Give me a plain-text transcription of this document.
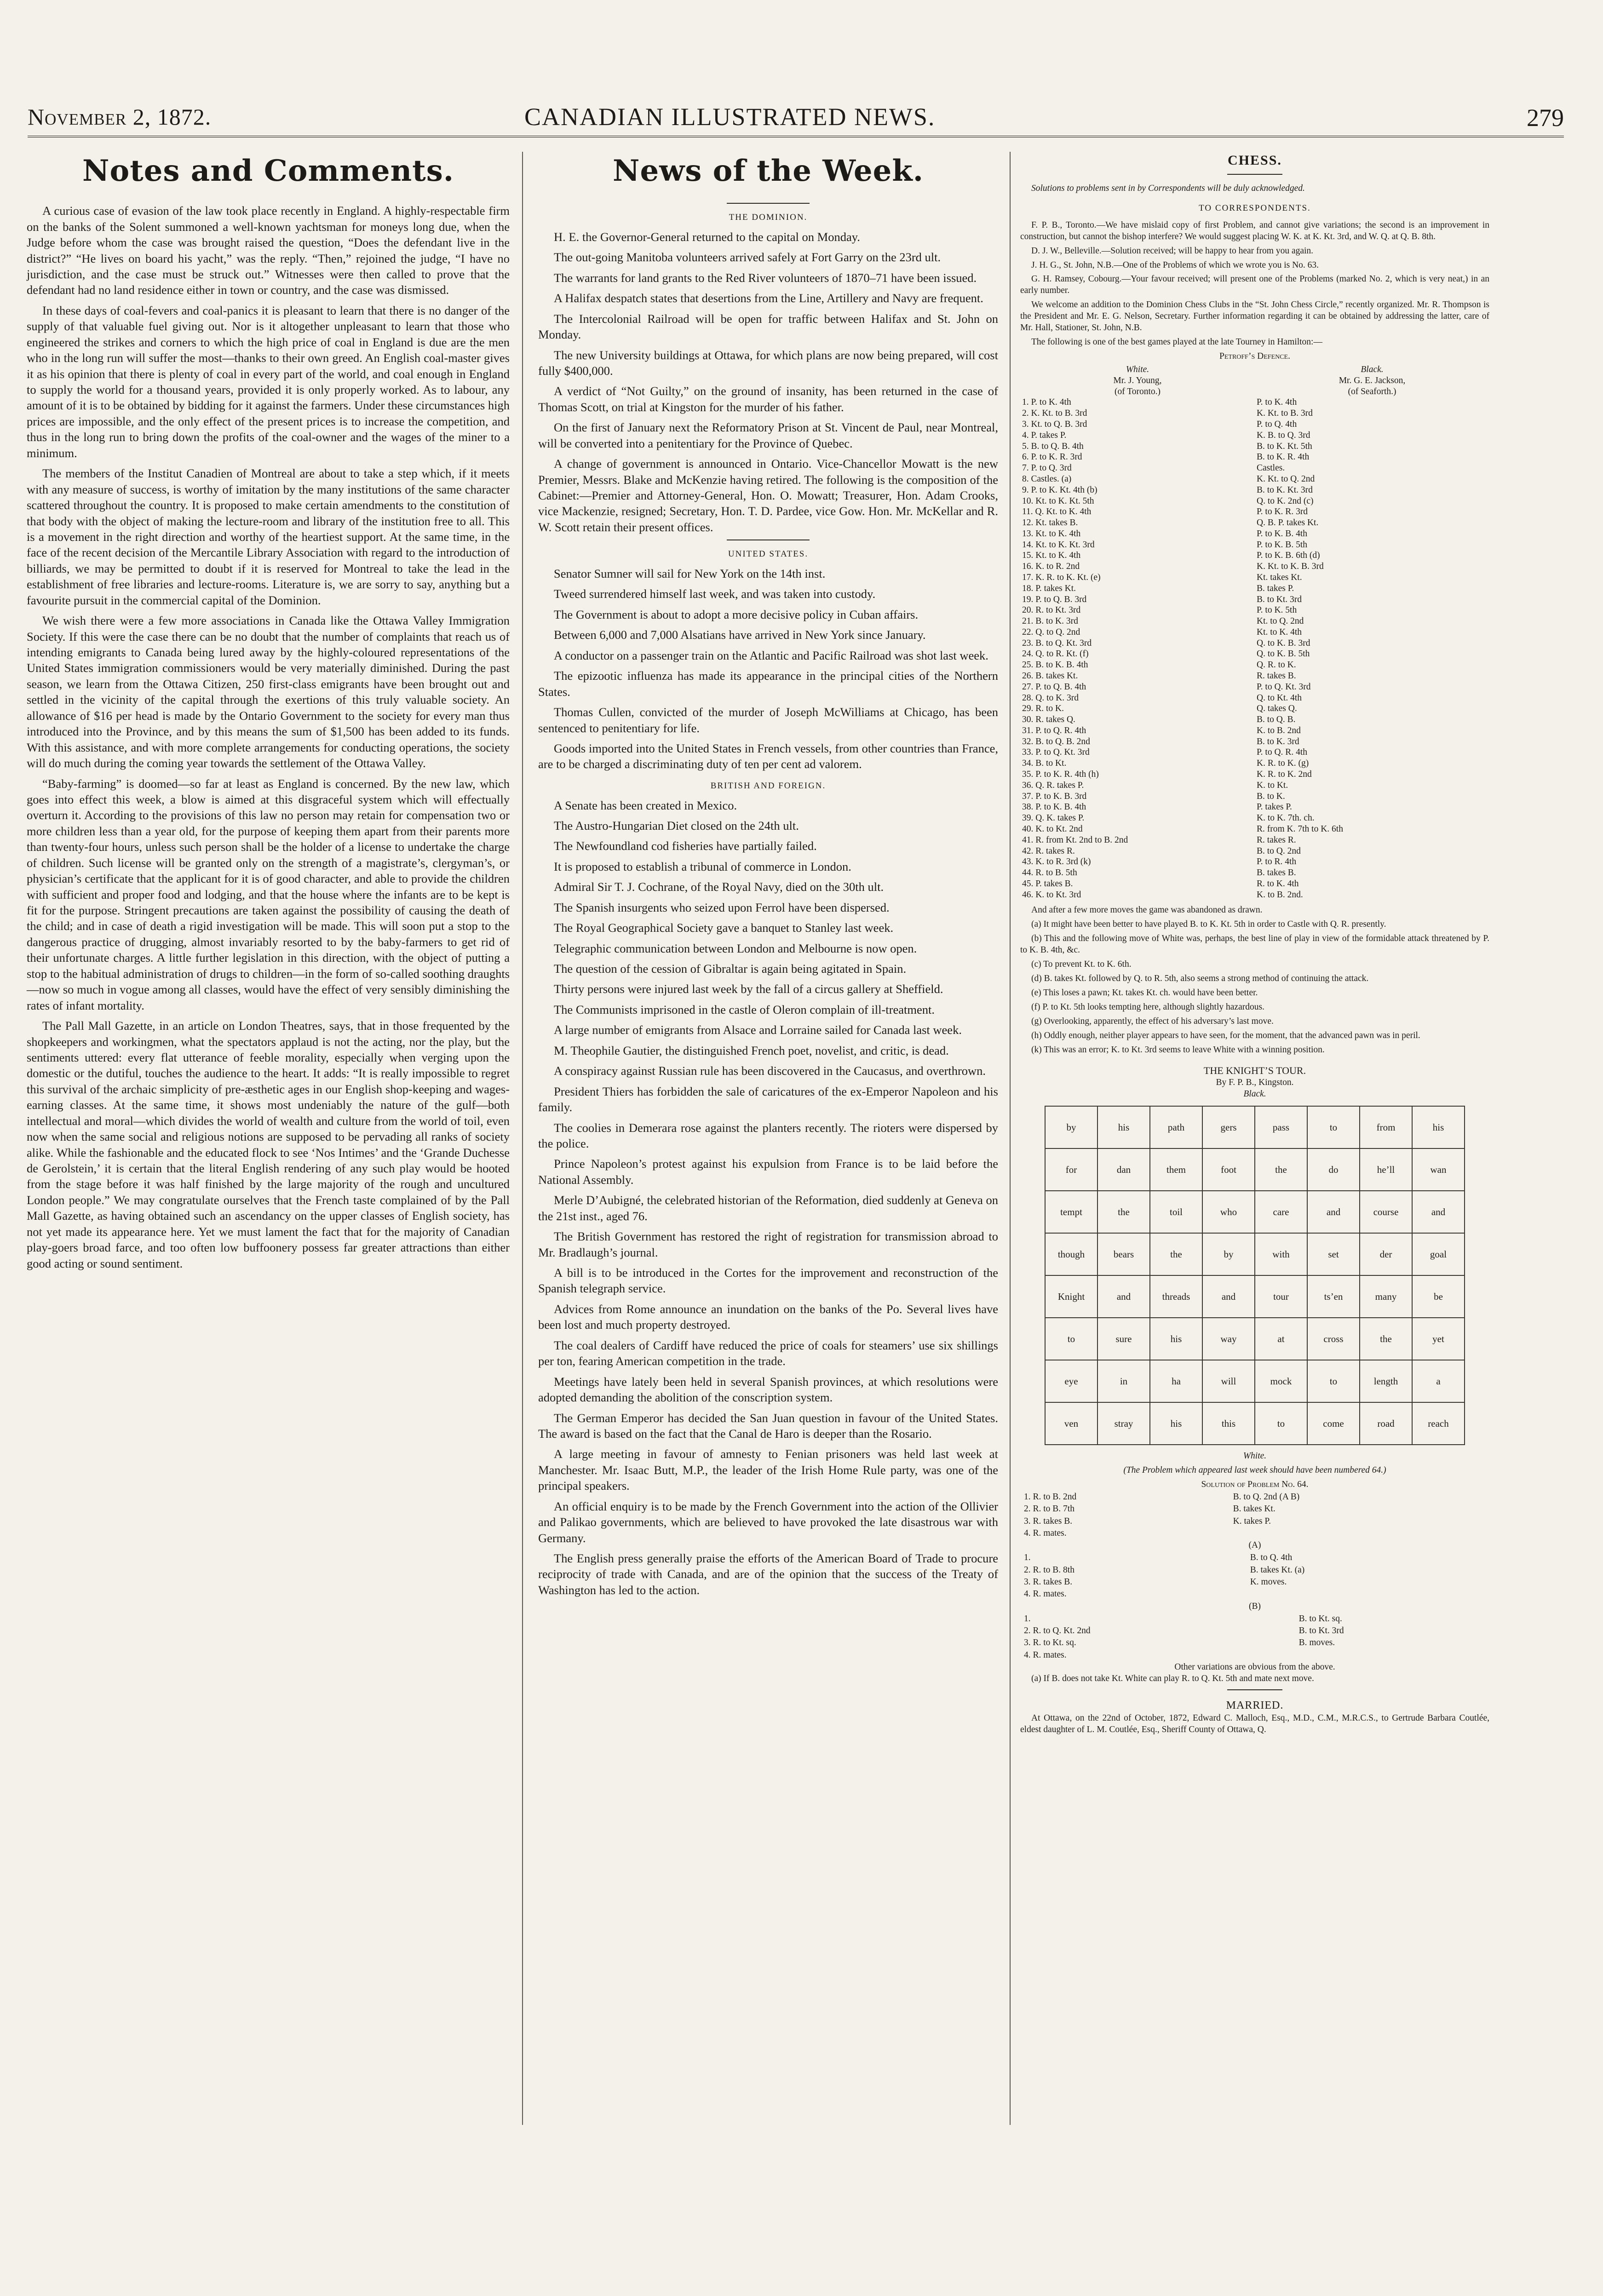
November 2, 1872.	CANADIAN ILLUSTRATED NEWS.	279
Notes and Comments.

A curious case of evasion of the law took place recently in England. A highly-respectable firm on the banks of the Solent summoned a well-known yachtsman for moneys long due, when the Judge before whom the case was brought raised the question, “Does the defendant live in the district?” “He lives on board his yacht,” was the reply. “Then,” rejoined the judge, “I have no jurisdiction, and the case must be struck out.” Witnesses were then called to prove that the defendant had no land residence either in town or country, and the case was dismissed.

In these days of coal-fevers and coal-panics it is pleasant to learn that there is no danger of the supply of that valuable fuel giving out. Nor is it altogether unpleasant to learn that those who engineered the strikes and corners to which the high price of coal in England is due are the men who in the long run will suffer the most—thanks to their own greed. An English coal-master gives it as his opinion that there is plenty of coal in every part of the world, and coal enough in England to supply the world for a thousand years, provided it is only properly worked. As to labour, any amount of it is to be obtained by bidding for it against the farmers. Under these circumstances high prices are impossible, and the only effect of the present prices is to increase the competition, and thus in the long run to bring down the profits of the coal-owner and the wages of the miner to a minimum.

The members of the Institut Canadien of Montreal are about to take a step which, if it meets with any measure of success, is worthy of imitation by the many institutions of the same character scattered throughout the country. It is proposed to make certain amendments to the constitution of that body with the object of making the lecture-room and library of the institution free to all. This is a movement in the right direction and worthy of the heartiest support. At the same time, in the face of the recent decision of the Mercantile Library Association with regard to the introduction of billiards, we may be permitted to doubt if it is reserved for Montreal to take the lead in the establishment of free libraries and lecture-rooms. Literature is, we are sorry to say, anything but a favourite pursuit in the commercial capital of the Dominion.

We wish there were a few more associations in Canada like the Ottawa Valley Immigration Society. If this were the case there can be no doubt that the number of complaints that reach us of intending emigrants to Canada being lured away by the highly-coloured representations of the United States immigration commissioners would be very materially diminished. During the past season, we learn from the Ottawa Citizen, 250 first-class emigrants have been brought out and settled in the vicinity of the capital through the exertions of this truly valuable society. An allowance of $16 per head is made by the Ontario Government to the society for every man thus introduced into the Province, and by this means the sum of $1,500 has been added to its funds. With this assistance, and with more complete arrangements for conducting operations, the society will do much during the coming year towards the settlement of the Ottawa Valley.

“Baby-farming” is doomed—so far at least as England is concerned. By the new law, which goes into effect this week, a blow is aimed at this disgraceful system which will effectually overturn it. According to the provisions of this law no person may retain for compensation two or more children less than a year old, for the purpose of keeping them apart from their parents more than twenty-four hours, unless such person shall be the holder of a license to undertake the charge of children. Such license will be granted only on the strength of a magistrate’s, clergyman’s, or physician’s certificate that the applicant for it is of good character, and able to provide the children with sufficient and proper food and lodging, and that the house where the infants are to be kept is fit for the purpose. Stringent precautions are taken against the possibility of causing the death of the child; and in case of death a rigid investigation will be made. This will soon put a stop to the dangerous practice of drugging, almost invariably resorted to by the baby-farmers to get rid of their unfortunate charges. A little further legislation in this direction, with the object of putting a stop to the habitual administration of drugs to children—in the form of so-called soothing draughts—now so much in vogue among all classes, would have the effect of very sensibly diminishing the rates of infant mortality.

The Pall Mall Gazette, in an article on London Theatres, says, that in those frequented by the shopkeepers and workingmen, what the spectators applaud is not the acting, nor the play, but the sentiments uttered: every flat utterance of feeble morality, especially when verging upon the domestic or the dutiful, touches the audience to the heart. It adds: “It is really impossible to regret this survival of the archaic simplicity of pre-æsthetic ages in our English shop-keeping and wages-earning classes. At the same time, it shows most undeniably the nature of the gulf—both intellectual and moral—which divides the world of wealth and culture from the world of toil, even now when the same social and religious notions are supposed to be pervading all ranks of society alike. While the fashionable and the educated flock to see ‘Nos Intimes’ and the ‘Grande Duchesse de Gerolstein,’ it is certain that the literal English rendering of any such play would be hooted from the stage before it was half finished by the large majority of the rough and uncultured London people.” We may congratulate ourselves that the French taste complained of by the Pall Mall Gazette, as having obtained such an ascendancy on the upper classes of English society, has not yet made its appearance here. Yet we must lament the fact that for the majority of Canadian play-goers broad farce, and too often low buffoonery possess far greater attractions than either good acting or sound sentiment.

News of the Week.
THE DOMINION.

H. E. the Governor-General returned to the capital on Monday.

The out-going Manitoba volunteers arrived safely at Fort Garry on the 23rd ult.

The warrants for land grants to the Red River volunteers of 1870–71 have been issued.

A Halifax despatch states that desertions from the Line, Artillery and Navy are frequent.

The Intercolonial Railroad will be open for traffic between Halifax and St. John on Monday.

The new University buildings at Ottawa, for which plans are now being prepared, will cost fully $400,000.

A verdict of “Not Guilty,” on the ground of insanity, has been returned in the case of Thomas Scott, on trial at Kingston for the murder of his father.

On the first of January next the Reformatory Prison at St. Vincent de Paul, near Montreal, will be converted into a penitentiary for the Province of Quebec.

A change of government is announced in Ontario. Vice-Chancellor Mowatt is the new Premier, Messrs. Blake and McKenzie having retired. The following is the composition of the Cabinet:—Premier and Attorney-General, Hon. O. Mowatt; Treasurer, Hon. Adam Crooks, vice Mackenzie, resigned; Secretary, Hon. T. D. Pardee, vice Gow. Hon. Mr. McKellar and R. W. Scott retain their present offices.

UNITED STATES.

Senator Sumner will sail for New York on the 14th inst.

Tweed surrendered himself last week, and was taken into custody.

The Government is about to adopt a more decisive policy in Cuban affairs.

Between 6,000 and 7,000 Alsatians have arrived in New York since January.

A conductor on a passenger train on the Atlantic and Pacific Railroad was shot last week.

The epizootic influenza has made its appearance in the principal cities of the Northern States.

Thomas Cullen, convicted of the murder of Joseph McWilliams at Chicago, has been sentenced to penitentiary for life.

Goods imported into the United States in French vessels, from other countries than France, are to be charged a discriminating duty of ten per cent ad valorem.

BRITISH AND FOREIGN.

A Senate has been created in Mexico.

The Austro-Hungarian Diet closed on the 24th ult.

The Newfoundland cod fisheries have partially failed.

It is proposed to establish a tribunal of commerce in London.

Admiral Sir T. J. Cochrane, of the Royal Navy, died on the 30th ult.

The Spanish insurgents who seized upon Ferrol have been dispersed.

The Royal Geographical Society gave a banquet to Stanley last week.

Telegraphic communication between London and Melbourne is now open.

The question of the cession of Gibraltar is again being agitated in Spain.

Thirty persons were injured last week by the fall of a circus gallery at Sheffield.

The Communists imprisoned in the castle of Oleron complain of ill-treatment.

A large number of emigrants from Alsace and Lorraine sailed for Canada last week.

M. Theophile Gautier, the distinguished French poet, novelist, and critic, is dead.

A conspiracy against Russian rule has been discovered in the Caucasus, and overthrown.

President Thiers has forbidden the sale of caricatures of the ex-Emperor Napoleon and his family.

The coolies in Demerara rose against the planters recently. The rioters were dispersed by the police.

Prince Napoleon’s protest against his expulsion from France is to be laid before the National Assembly.

Merle D’Aubigné, the celebrated historian of the Reformation, died suddenly at Geneva on the 21st inst., aged 76.

The British Government has restored the right of registration for transmission abroad to Mr. Bradlaugh’s journal.

A bill is to be introduced in the Cortes for the improvement and reconstruction of the Spanish telegraph service.

Advices from Rome announce an inundation on the banks of the Po. Several lives have been lost and much property destroyed.

The coal dealers of Cardiff have reduced the price of coals for steamers’ use six shillings per ton, fearing American competition in the trade.

Meetings have lately been held in several Spanish provinces, at which resolutions were adopted demanding the abolition of the conscription system.

The German Emperor has decided the San Juan question in favour of the United States. The award is based on the fact that the Canal de Haro is deeper than the Rosario.

A large meeting in favour of amnesty to Fenian prisoners was held last week at Manchester. Mr. Isaac Butt, M.P., the leader of the Irish Home Rule party, was one of the principal speakers.

An official enquiry is to be made by the French Government into the action of the Ollivier and Palikao governments, which are believed to have provoked the late disastrous war with Germany.

The English press generally praise the efforts of the American Board of Trade to procure reciprocity of trade with Canada, and are of the opinion that the success of the Treaty of Washington has led to the action.

CHESS.

Solutions to problems sent in by Correspondents will be duly acknowledged.

TO CORRESPONDENTS.

F. P. B., Toronto.—We have mislaid copy of first Problem, and cannot give variations; the second is an improvement in construction, but cannot the bishop interfere? We would suggest placing W. K. at K. Kt. 3rd, and W. Q. at Q. B. 8th.

D. J. W., Belleville.—Solution received; will be happy to hear from you again.

J. H. G., St. John, N.B.—One of the Problems of which we wrote you is No. 63.

G. H. Ramsey, Cobourg.—Your favour received; will present one of the Problems (marked No. 2, which is very neat,) in an early number.

We welcome an addition to the Dominion Chess Clubs in the “St. John Chess Circle,” recently organized. Mr. R. Thompson is the President and Mr. E. G. Nelson, Secretary. Further information regarding it can be obtained by addressing the latter, care of Mr. Hall, Stationer, St. John, N.B.

The following is one of the best games played at the late Tourney in Hamilton:—

Petroff’s Defence.
White.	Black.
Mr. J. Young,	Mr. G. E. Jackson,
(of Toronto.)	(of Seaforth.)
1. P. to K. 4th	P. to K. 4th
2. K. Kt. to B. 3rd	K. Kt. to B. 3rd
3. Kt. to Q. B. 3rd	P. to Q. 4th
4. P. takes P.	K. B. to Q. 3rd
5. B. to Q. B. 4th	B. to K. Kt. 5th
6. P. to K. R. 3rd	B. to K. R. 4th
7. P. to Q. 3rd	Castles.
8. Castles. (a)	K. Kt. to Q. 2nd
9. P. to K. Kt. 4th (b)	B. to K. Kt. 3rd
10. Kt. to K. Kt. 5th	Q. to K. 2nd (c)
11. Q. Kt. to K. 4th	P. to K. R. 3rd
12. Kt. takes B.	Q. B. P. takes Kt.
13. Kt. to K. 4th	P. to K. B. 4th
14. Kt. to K. Kt. 3rd	P. to K. B. 5th
15. Kt. to K. 4th	P. to K. B. 6th (d)
16. K. to R. 2nd	K. Kt. to K. B. 3rd
17. K. R. to K. Kt. (e)	Kt. takes Kt.
18. P. takes Kt.	B. takes P.
19. P. to Q. B. 3rd	B. to Kt. 3rd
20. R. to Kt. 3rd	P. to K. 5th
21. B. to K. 3rd	Kt. to Q. 2nd
22. Q. to Q. 2nd	Kt. to K. 4th
23. B. to Q. Kt. 3rd	Q. to K. B. 3rd
24. Q. to R. Kt. (f)	Q. to K. B. 5th
25. B. to K. B. 4th	Q. R. to K.
26. B. takes Kt.	R. takes B.
27. P. to Q. B. 4th	P. to Q. Kt. 3rd
28. Q. to K. 3rd	Q. to Kt. 4th
29. R. to K.	Q. takes Q.
30. R. takes Q.	B. to Q. B.
31. P. to Q. R. 4th	K. to B. 2nd
32. B. to Q. B. 2nd	B. to K. 3rd
33. P. to Q. Kt. 3rd	P. to Q. R. 4th
34. B. to Kt.	K. R. to K. (g)
35. P. to K. R. 4th (h)	K. R. to K. 2nd
36. Q. R. takes P.	K. to Kt.
37. P. to K. B. 3rd	B. to K.
38. P. to K. B. 4th	P. takes P.
39. Q. K. takes P.	K. to K. 7th. ch.
40. K. to Kt. 2nd	R. from K. 7th to K. 6th
41. R. from Kt. 2nd to B. 2nd	R. takes R.
42. R. takes R.	B. to Q. 2nd
43. K. to R. 3rd (k)	P. to R. 4th
44. R. to B. 5th	B. takes B.
45. P. takes B.	R. to K. 4th
46. K. to Kt. 3rd	K. to B. 2nd.

And after a few more moves the game was abandoned as drawn.

(a) It might have been better to have played B. to K. Kt. 5th in order to Castle with Q. R. presently.

(b) This and the following move of White was, perhaps, the best line of play in view of the formidable attack threatened by P. to K. B. 4th, &c.

(c) To prevent Kt. to K. 6th.

(d) B. takes Kt. followed by Q. to R. 5th, also seems a strong method of continuing the attack.

(e) This loses a pawn; Kt. takes Kt. ch. would have been better.

(f) P. to Kt. 5th looks tempting here, although slightly hazardous.

(g) Overlooking, apparently, the effect of his adversary’s last move.

(h) Oddly enough, neither player appears to have seen, for the moment, that the advanced pawn was in peril.

(k) This was an error; K. to Kt. 3rd seems to leave White with a winning position.

THE KNIGHT’S TOUR.
By F. P. B., Kingston.
Black.
by	his	path	gers	pass	to	from	his
for	dan	them	foot	the	do	he’ll	wan
tempt	the	toil	who	care	and	course	and
though	bears	the	by	with	set	der	goal
Knight	and	threads	and	tour	ts’en	many	be
to	sure	his	way	at	cross	the	yet
eye	in	ha	will	mock	to	length	a
ven	stray	his	this	to	come	road	reach
White.
(The Problem which appeared last week should have been numbered 64.)
Solution of Problem No. 64.
1. R. to B. 2nd	B. to Q. 2nd (A B)
2. R. to B. 7th	B. takes Kt.
3. R. takes B.	K. takes P.
4. R. mates.	
(A)
1.	B. to Q. 4th
2. R. to B. 8th	B. takes Kt. (a)
3. R. takes B.	K. moves.
4. R. mates.	
(B)
1.	B. to Kt. sq.
2. R. to Q. Kt. 2nd	B. to Kt. 3rd
3. R. to Kt. sq.	B. moves.
4. R. mates.	
Other variations are obvious from the above.

(a) If B. does not take Kt. White can play R. to Q. Kt. 5th and mate next move.

MARRIED.

At Ottawa, on the 22nd of October, 1872, Edward C. Malloch, Esq., M.D., C.M., M.R.C.S., to Gertrude Barbara Coutlée, eldest daughter of L. M. Coutlée, Esq., Sheriff County of Ottawa, Q.
